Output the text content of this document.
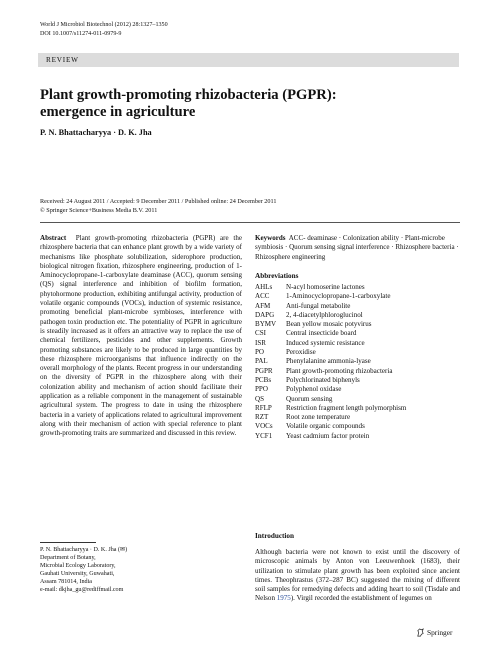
World J Microbiol Biotechnol (2012) 28:1327–1350
DOI 10.1007/s11274-011-0979-9
REVIEW
Plant growth-promoting rhizobacteria (PGPR):
emergence in agriculture
P. N. Bhattacharyya · D. K. Jha
Received: 24 August 2011 / Accepted: 9 December 2011 / Published online: 24 December 2011
© Springer Science+Business Media B.V. 2011
Abstract Plant growth-promoting rhizobacteria (PGPR) are the rhizosphere bacteria that can enhance plant growth by a wide variety of mechanisms like phosphate solubilization, siderophore production, biological nitrogen fixation, rhizosphere engineering, production of 1-Aminocyclopropane-1-carboxylate deaminase (ACC), quorum sensing (QS) signal interference and inhibition of biofilm formation, phytohormone production, exhibiting antifungal activity, production of volatile organic compounds (VOCs), induction of systemic resistance, promoting beneficial plant-microbe symbioses, interference with pathogen toxin production etc. The potentiality of PGPR in agriculture is steadily increased as it offers an attractive way to replace the use of chemical fertilizers, pesticides and other supplements. Growth promoting substances are likely to be produced in large quantities by these rhizosphere microorganisms that influence indirectly on the overall morphology of the plants. Recent progress in our understanding on the diversity of PGPR in the rhizosphere along with their colonization ability and mechanism of action should facilitate their application as a reliable component in the management of sustainable agricultural system. The progress to date in using the rhizosphere bacteria in a variety of applications related to agricultural improvement along with their mechanism of action with special reference to plant growth-promoting traits are summarized and discussed in this review.
Keywords ACC- deaminase · Colonization ability · Plant-microbe symbiosis · Quorum sensing signal interference · Rhizosphere bacteria · Rhizosphere engineering
Abbreviations
AHLs	N-acyl homoserine lactones
ACC	1-Aminocyclopropane-1-carboxylate
AFM	Anti-fungal metabolite
DAPG	2, 4-diacetylphloroglucinol
BYMV	Bean yellow mosaic potyvirus
CSI	Central insecticide board
ISR	Induced systemic resistance
PO	Peroxidise
PAL	Phenylalanine ammonia-lyase
PGPR	Plant growth-promoting rhizobacteria
PCBs	Polychlorinated biphenyls
PPO	Polyphenol oxidase
QS	Quorum sensing
RFLP	Restriction fragment length polymorphism
RZT	Root zone temperature
VOCs	Volatile organic compounds
YCF1	Yeast cadmium factor protein
Introduction
Although bacteria were not known to exist until the discovery of microscopic animals by Anton von Leeuwenhoek (1683), their utilization to stimulate plant growth has been exploited since ancient times. Theophrastus (372–287 BC) suggested the mixing of different soil samples for remedying defects and adding heart to soil (Tisdale and Nelson 1975). Virgil recorded the establishment of legumes on
P. N. Bhattacharyya · D. K. Jha (✉)
Department of Botany,
Microbial Ecology Laboratory,
Gauhati University, Guwahati,
Assam 781014, India
e-mail: dkjha_gu@rediffmail.com
Springer
